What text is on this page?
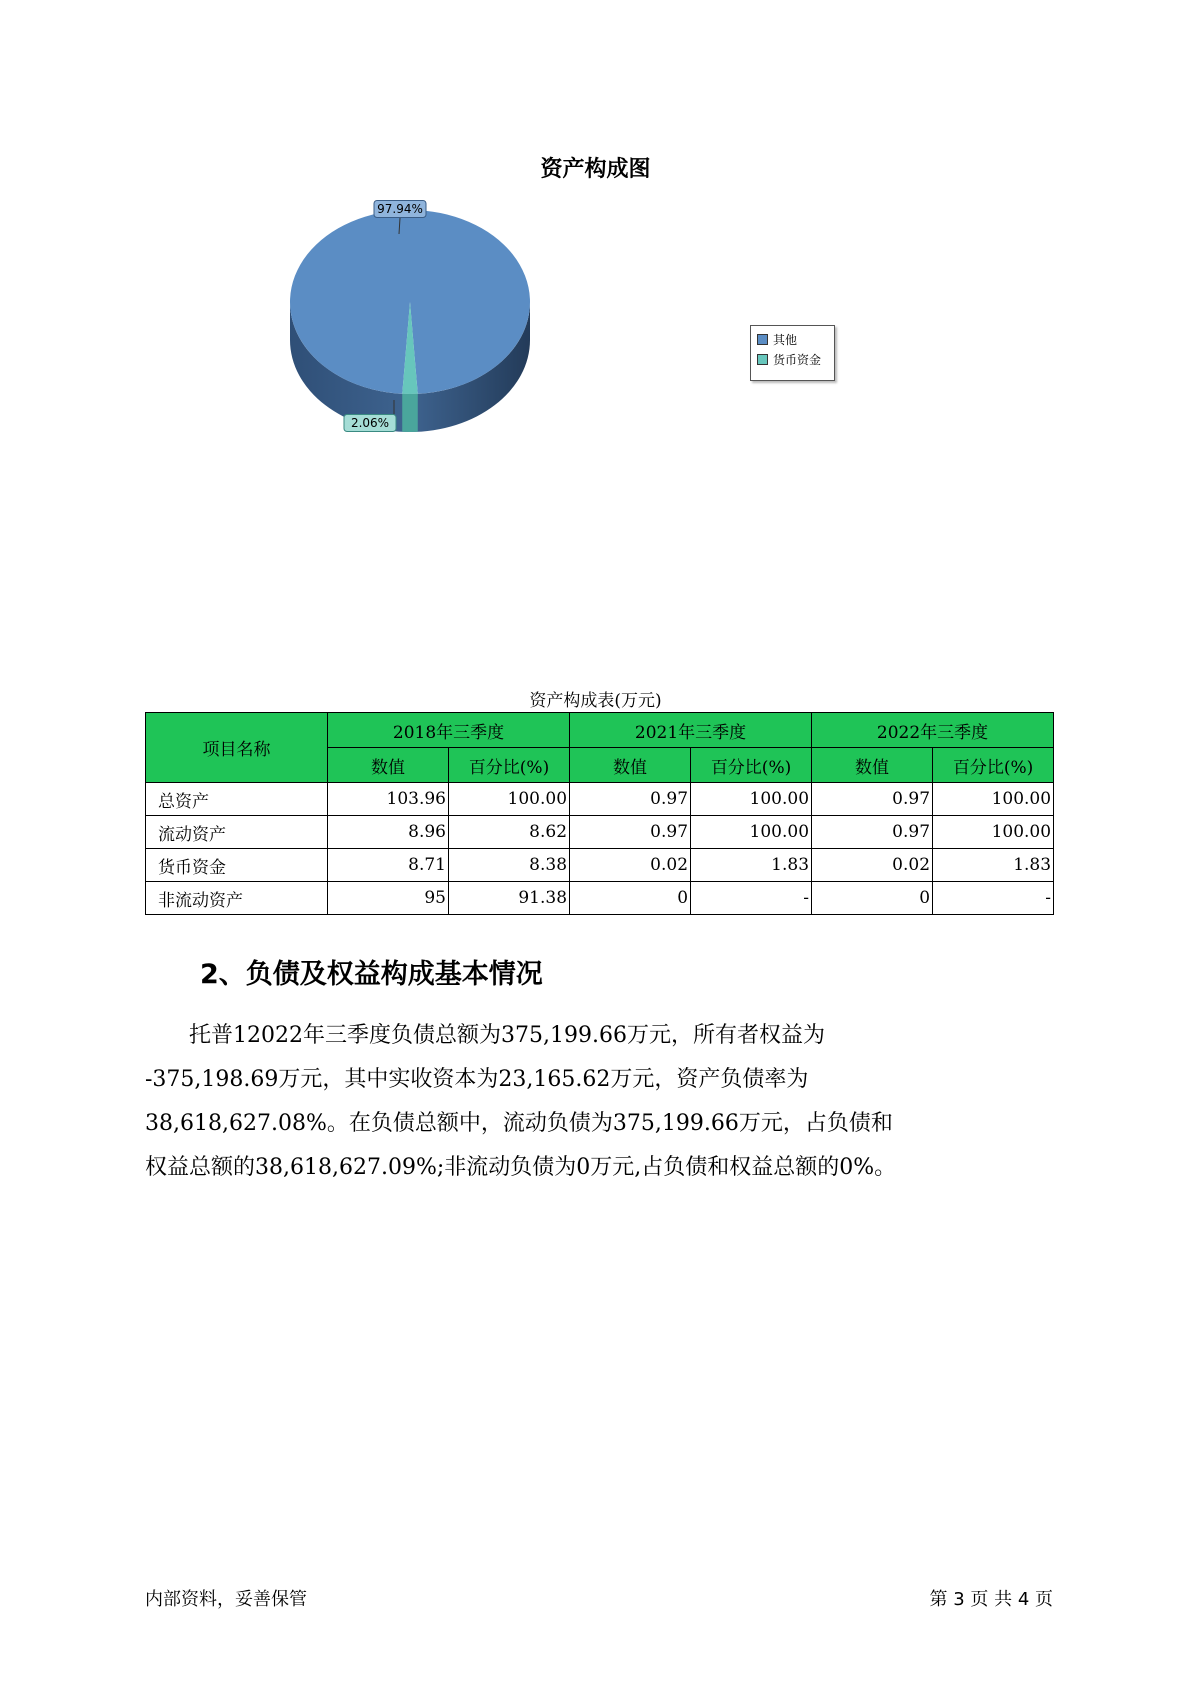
资产构成图
97.94%
2.06%
其他
货币资金
资产构成表(万元)
项目名称	2018年三季度		2021年三季度		2022年三季度	
	数值	百分比(%)	数值	百分比(%)	数值	百分比(%)
总资产	103.96	100.00	0.97	100.00	0.97	100.00
流动资产	8.96	8.62	0.97	100.00	0.97	100.00
货币资金	8.71	8.38	0.02	1.83	0.02	1.83
非流动资产	95	91.38	0	-	0	-
2、负债及权益构成基本情况
　　托普12022年三季度负债总额为375,199.66万元，所有者权益为
-375,198.69万元，其中实收资本为23,165.62万元，资产负债率为
38,618,627.08%。在负债总额中，流动负债为375,199.66万元，占负债和
权益总额的38,618,627.09%;非流动负债为0万元,占负债和权益总额的0%。
内部资料，妥善保管	第 3 页 共 4 页
